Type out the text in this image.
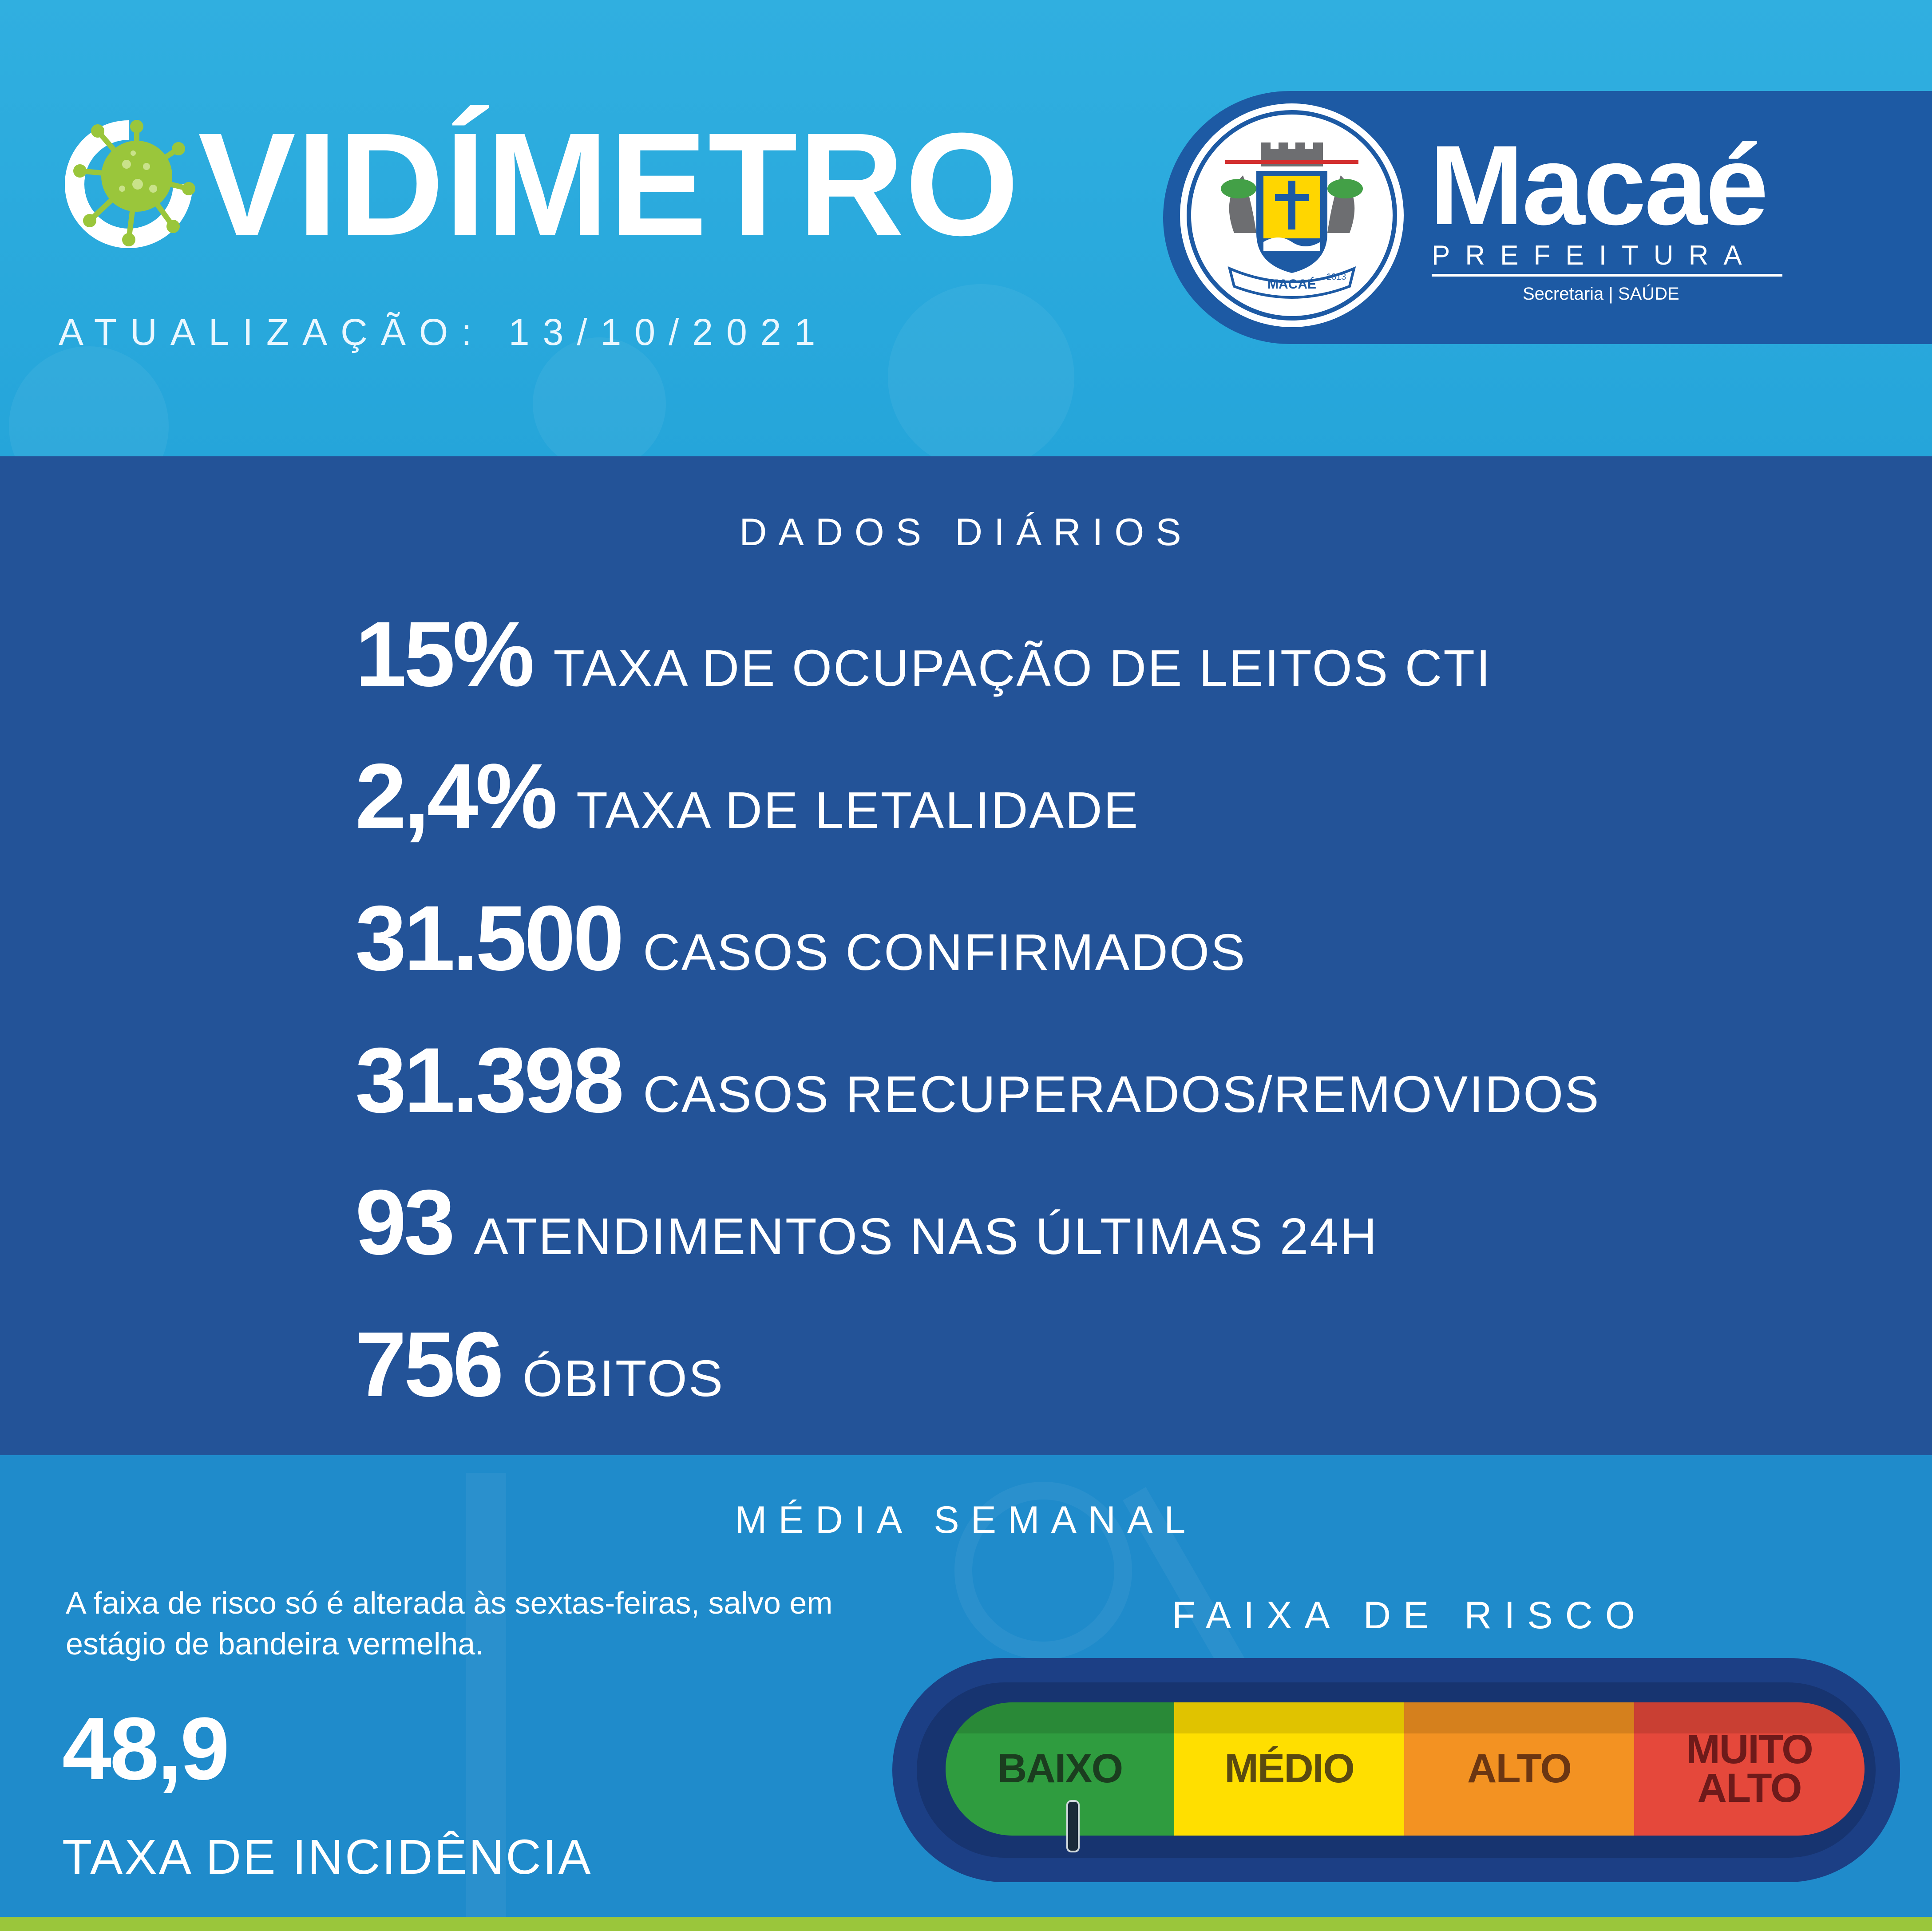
VIDÍMETRO
ATUALIZAÇÃO: 13/10/2021
MACAÉ 1813
Macaé
PREFEITURA
Secretaria | SAÚDE
DADOS DIÁRIOS
15% TAXA DE OCUPAÇÃO DE LEITOS CTI
2,4% TAXA DE LETALIDADE
31.500 CASOS CONFIRMADOS
31.398 CASOS RECUPERADOS/REMOVIDOS
93 ATENDIMENTOS NAS ÚLTIMAS 24H
756 ÓBITOS
MÉDIA SEMANAL
A faixa de risco só é alterada às sextas-feiras, salvo em estágio de bandeira vermelha.
48,9
TAXA DE INCIDÊNCIA
FAIXA DE RISCO
BAIXO	MÉDIO	ALTO	MUITO ALTO
